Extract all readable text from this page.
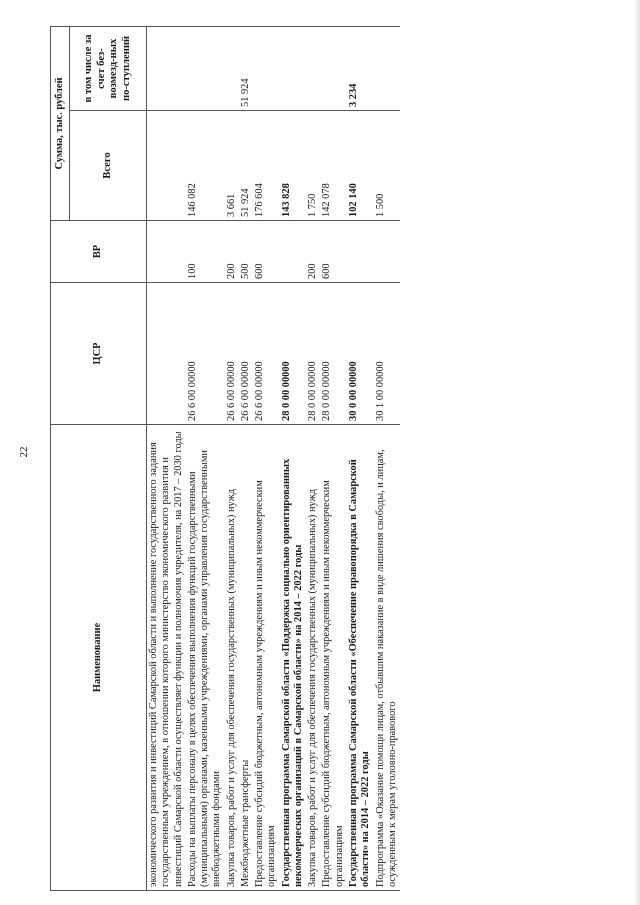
22
Наименование	ЦСР	ВР	Сумма, тыс. рублей	
			Всего	в том числе за счет без-возмезд-ных по-ступлений
экономического развития и инвестиций Самарской области и выполнение государственного задания государственным учреждением, в отношении которого министерство экономического развития и инвестиций Самарской области осуществляет функции и полномочия учредителя, на 2017 – 2030 годы				
Расходы на выплаты персоналу в целях обеспечения выполнения функций государственными (муниципальными) органами, казенными учреждениями, органами управления государственными внебюджетными фондами	26 6 00 00000	100	146 082	
Закупка товаров, работ и услуг для обеспечения государственных (муниципальных) нужд	26 6 00 00000	200	3 661	
Межбюджетные трансферты	26 6 00 00000	500	51 924	51 924
Предоставление субсидий бюджетным, автономным учреждениям и иным некоммерческим организациям	26 6 00 00000	600	176 604	
Государственная программа Самарской области «Поддержка социально ориентированных некоммерческих организаций в Самарской области» на 2014 – 2022 годы	28 0 00 00000		143 828	
Закупка товаров, работ и услуг для обеспечения государственных (муниципальных) нужд	28 0 00 00000	200	1 750	
Предоставление субсидий бюджетным, автономным учреждениям и иным некоммерческим организациям	28 0 00 00000	600	142 078	
Государственная программа Самарской области «Обеспечение правопорядка в Самарской области» на 2014 – 2022 годы	30 0 00 00000		102 140	3 234
Подпрограмма «Оказание помощи лицам, отбывшим наказание в виде лишения свободы, и лицам, осужденным к мерам уголовно-правового	30 1 00 00000		1 500	
